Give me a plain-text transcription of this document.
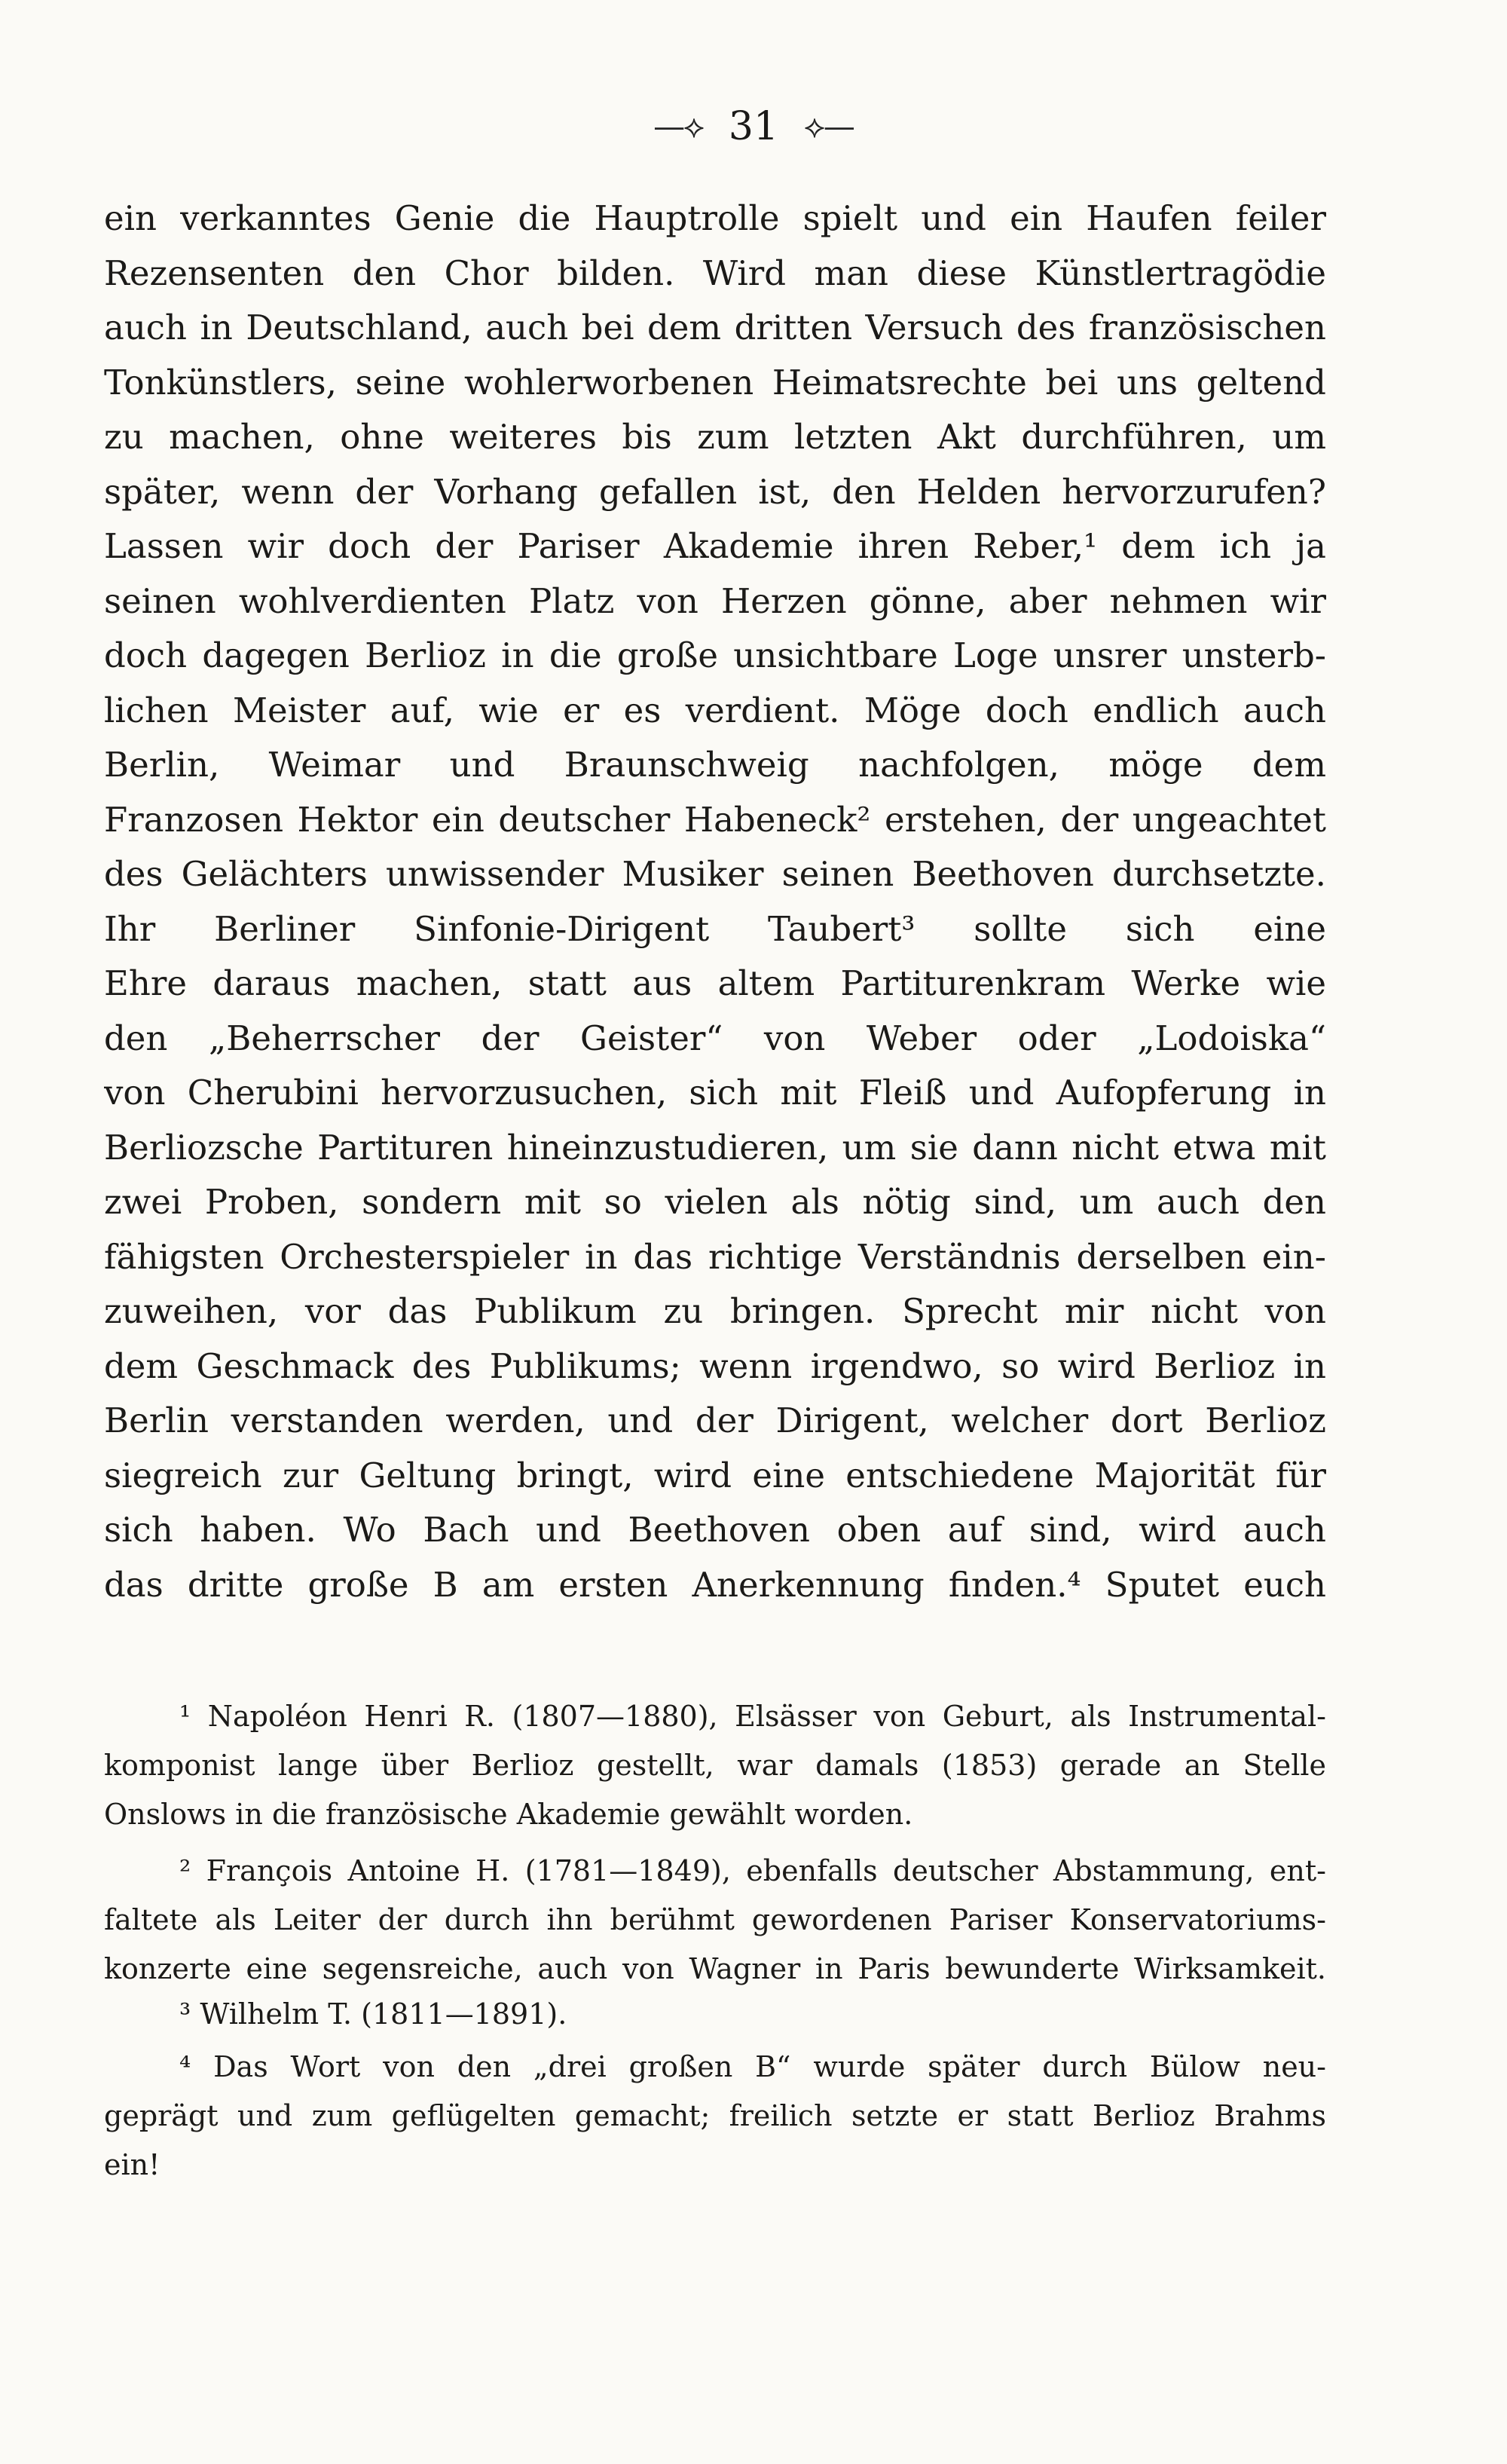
—⟡ 31 ⟡—
ein verkanntes Genie die Hauptrolle spielt und ein Haufen feiler
Rezensenten den Chor bilden. Wird man diese Künstlertragödie
auch in Deutschland, auch bei dem dritten Versuch des französischen
Tonkünstlers, seine wohlerworbenen Heimatsrechte bei uns geltend
zu machen, ohne weiteres bis zum letzten Akt durchführen, um
später, wenn der Vorhang gefallen ist, den Helden hervorzurufen?
Lassen wir doch der Pariser Akademie ihren Reber,¹ dem ich ja
seinen wohlverdienten Platz von Herzen gönne, aber nehmen wir
doch dagegen Berlioz in die große unsichtbare Loge unsrer unsterb-
lichen Meister auf, wie er es verdient. Möge doch endlich auch
Berlin, Weimar und Braunschweig nachfolgen, möge dem
Franzosen Hektor ein deutscher Habeneck² erstehen, der ungeachtet
des Gelächters unwissender Musiker seinen Beethoven durchsetzte.
Ihr Berliner Sinfonie-Dirigent Taubert³ sollte sich eine
Ehre daraus machen, statt aus altem Partiturenkram Werke wie
den „Beherrscher der Geister“ von Weber oder „Lodoiska“
von Cherubini hervorzusuchen, sich mit Fleiß und Aufopferung in
Berliozsche Partituren hineinzustudieren, um sie dann nicht etwa mit
zwei Proben, sondern mit so vielen als nötig sind, um auch den
fähigsten Orchesterspieler in das richtige Verständnis derselben ein-
zuweihen, vor das Publikum zu bringen. Sprecht mir nicht von
dem Geschmack des Publikums; wenn irgendwo, so wird Berlioz in
Berlin verstanden werden, und der Dirigent, welcher dort Berlioz
siegreich zur Geltung bringt, wird eine entschiedene Majorität für
sich haben. Wo Bach und Beethoven oben auf sind, wird auch
das dritte große B am ersten Anerkennung finden.⁴ Sputet euch
¹ Napoléon Henri R. (1807—1880), Elsässer von Geburt, als Instrumental-
komponist lange über Berlioz gestellt, war damals (1853) gerade an Stelle
Onslows in die französische Akademie gewählt worden.
² François Antoine H. (1781—1849), ebenfalls deutscher Abstammung, ent-
faltete als Leiter der durch ihn berühmt gewordenen Pariser Konservatoriums-
konzerte eine segensreiche, auch von Wagner in Paris bewunderte Wirksamkeit.
³ Wilhelm T. (1811—1891).
⁴ Das Wort von den „drei großen B“ wurde später durch Bülow neu-
geprägt und zum geflügelten gemacht; freilich setzte er statt Berlioz Brahms
ein!
